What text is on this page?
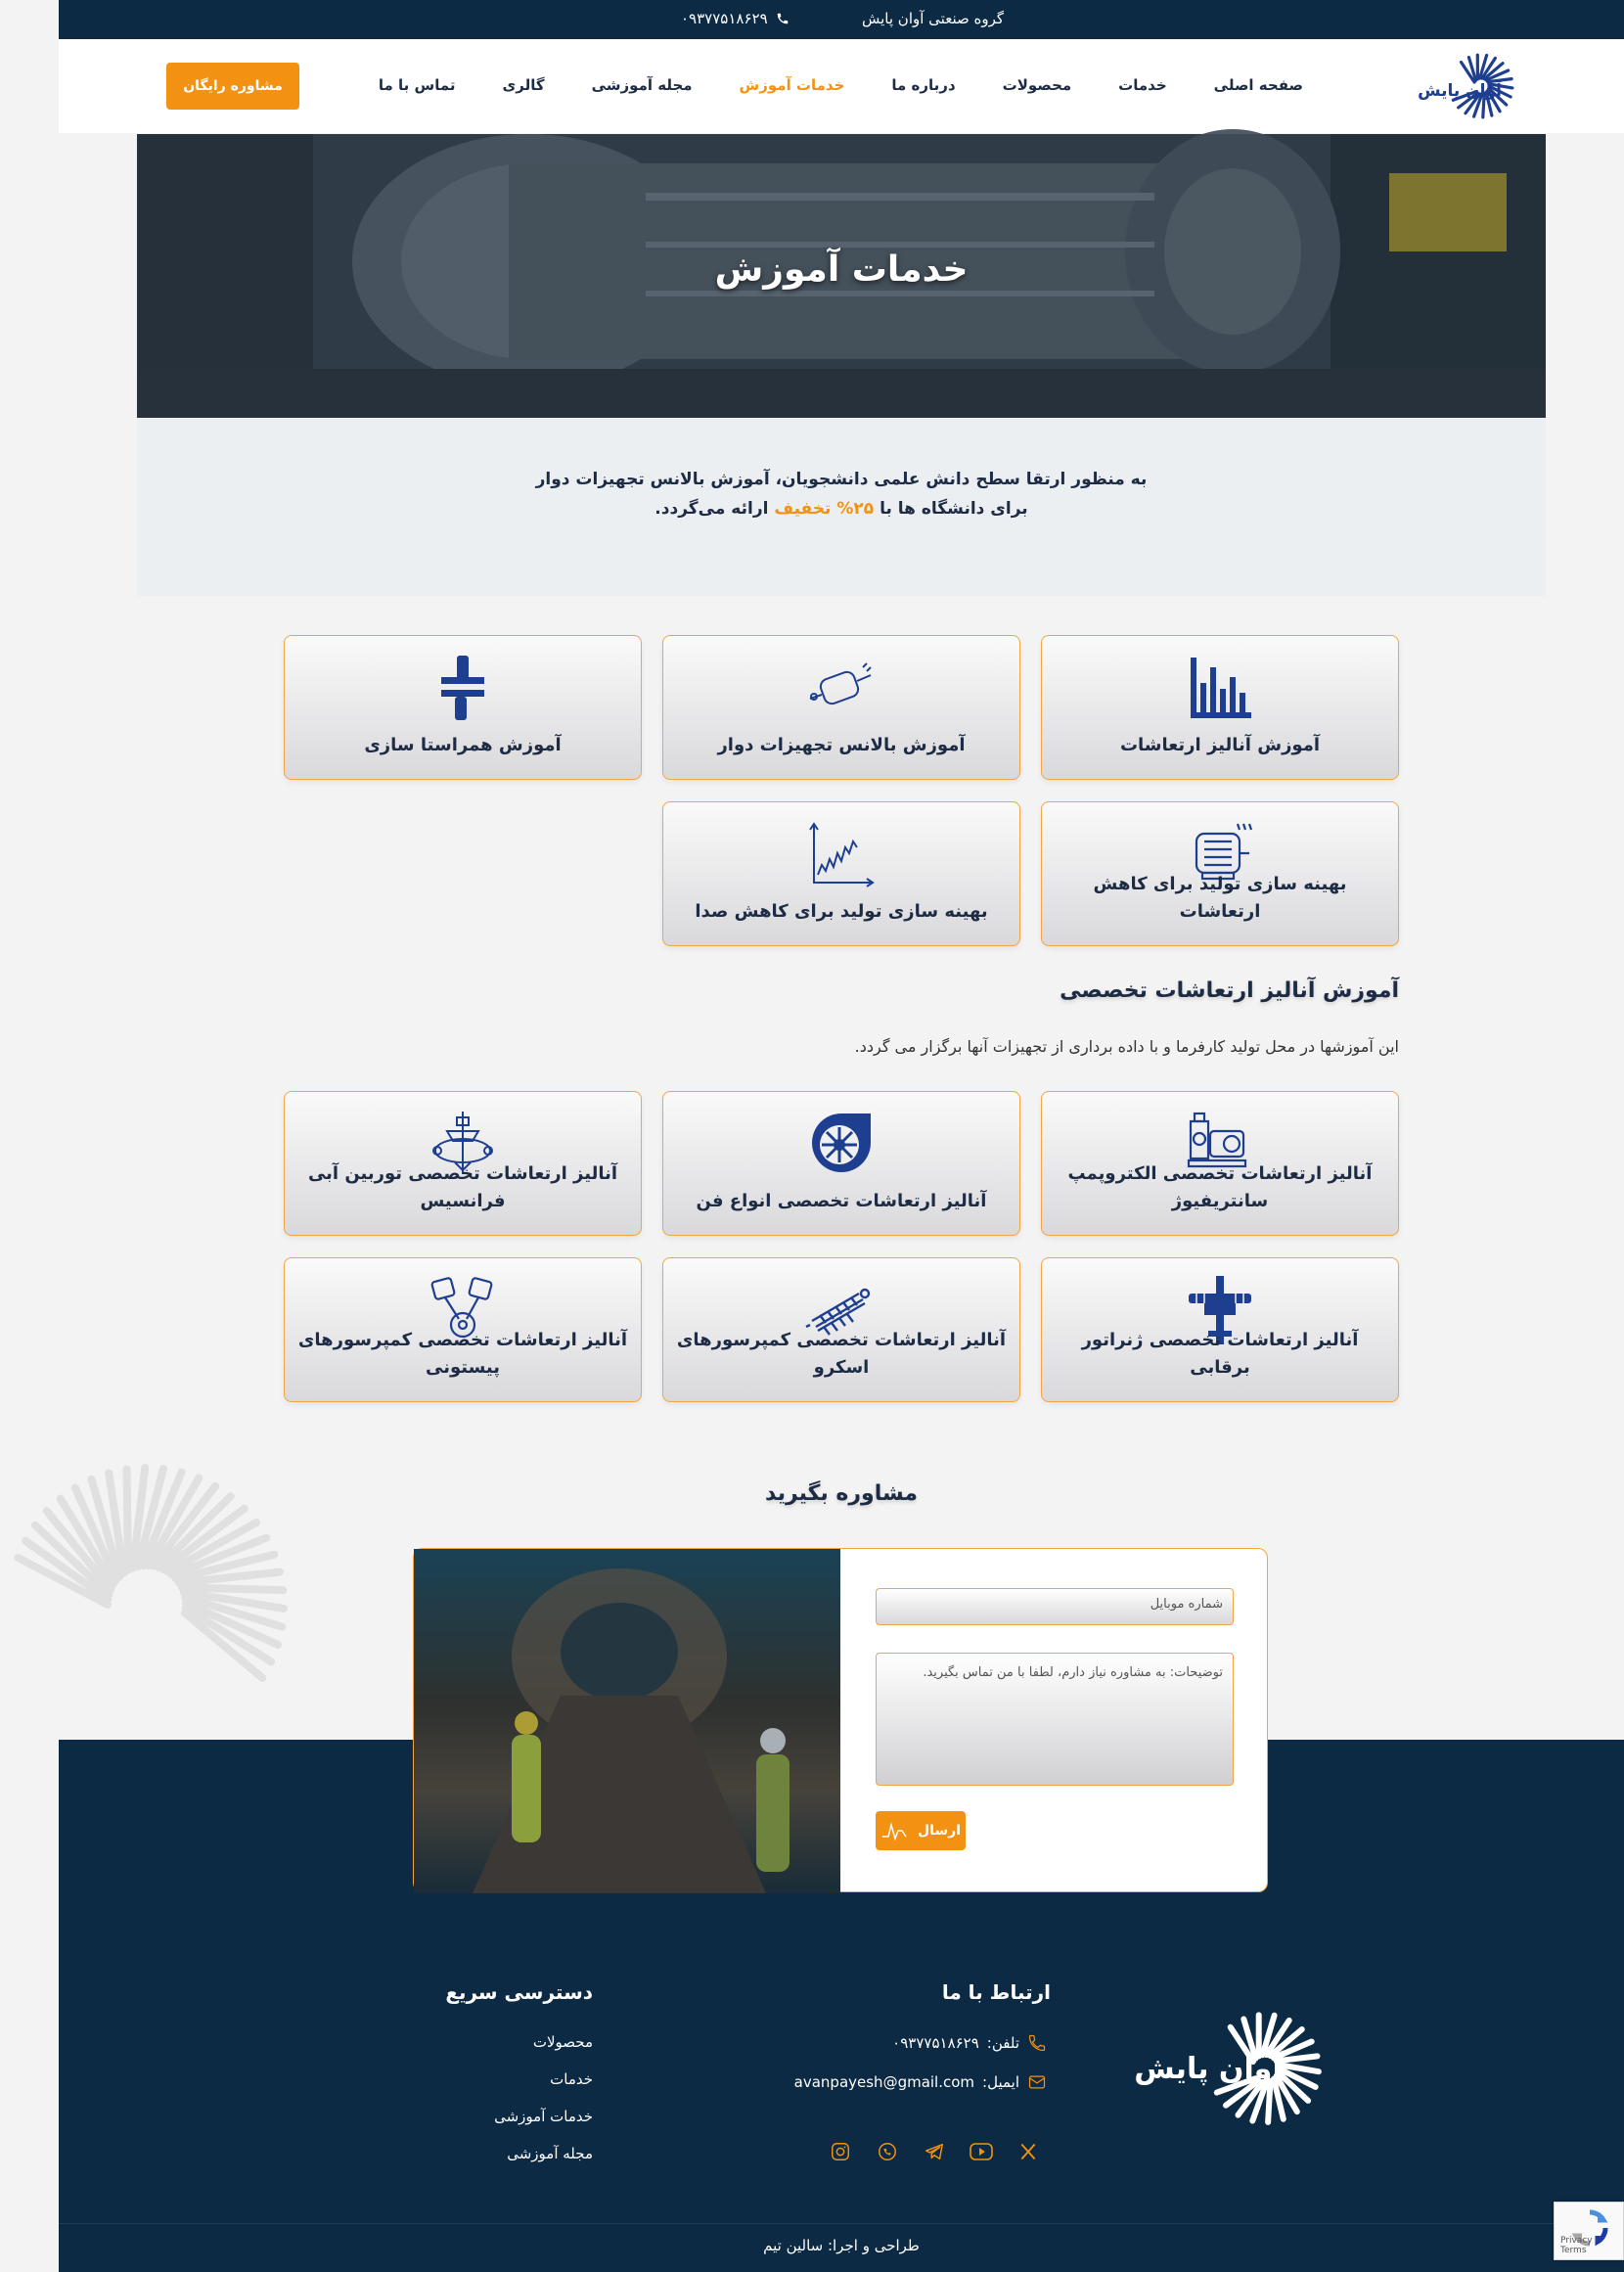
گروه صنعتی آوان پایش
۰۹۳۷۷۵۱۸۶۲۹
آوان پایش
صفحه اصلی
خدمات
محصولات
درباره ما
خدمات آموزش
مجله آموزشی
گالری
تماس با ما
مشاوره رایگان
خدمات آموزش
به منظور ارتقا سطح دانش علمی دانشجویان، آموزش بالانس تجهیزات دوار
برای دانشگاه ها با ۲۵% تخفیف ارائه می‌گردد.
آموزش آنالیز ارتعاشات
آموزش بالانس تجهیزات دوار
آموزش همراستا سازی
بهینه سازی تولید برای کاهش ارتعاشات
بهینه سازی تولید برای کاهش صدا
آموزش آنالیز ارتعاشات تخصصی
این آموزشها در محل تولید کارفرما و با داده برداری از تجهیزات آنها برگزار می گردد.
آنالیز ارتعاشات تخصصی الکتروپمپ سانتریفیوژ
آنالیز ارتعاشات تخصصی انواع فن
آنالیز ارتعاشات تخصصی توربین آبی فرانسیس
آنالیز ارتعاشات تخصصی ژنراتور برقابی
آنالیز ارتعاشات تخصصی کمپرسورهای اسکرو
آنالیز ارتعاشات تخصصی کمپرسورهای پیستونی
مشاوره بگیرید
شماره موبایل
توضیحات: به مشاوره نیاز دارم، لطفا با من تماس بگیرید.
ارسال
آوان پایش
ارتباط با ما
تلفن:
۰۹۳۷۷۵۱۸۶۲۹
ایمیل:
avanpayesh@gmail.com
دسترسی سریع
محصولات
خدمات
خدمات آموزشی
مجله آموزشی
طراحی و اجرا: سالین تیم	Privacy - Terms
